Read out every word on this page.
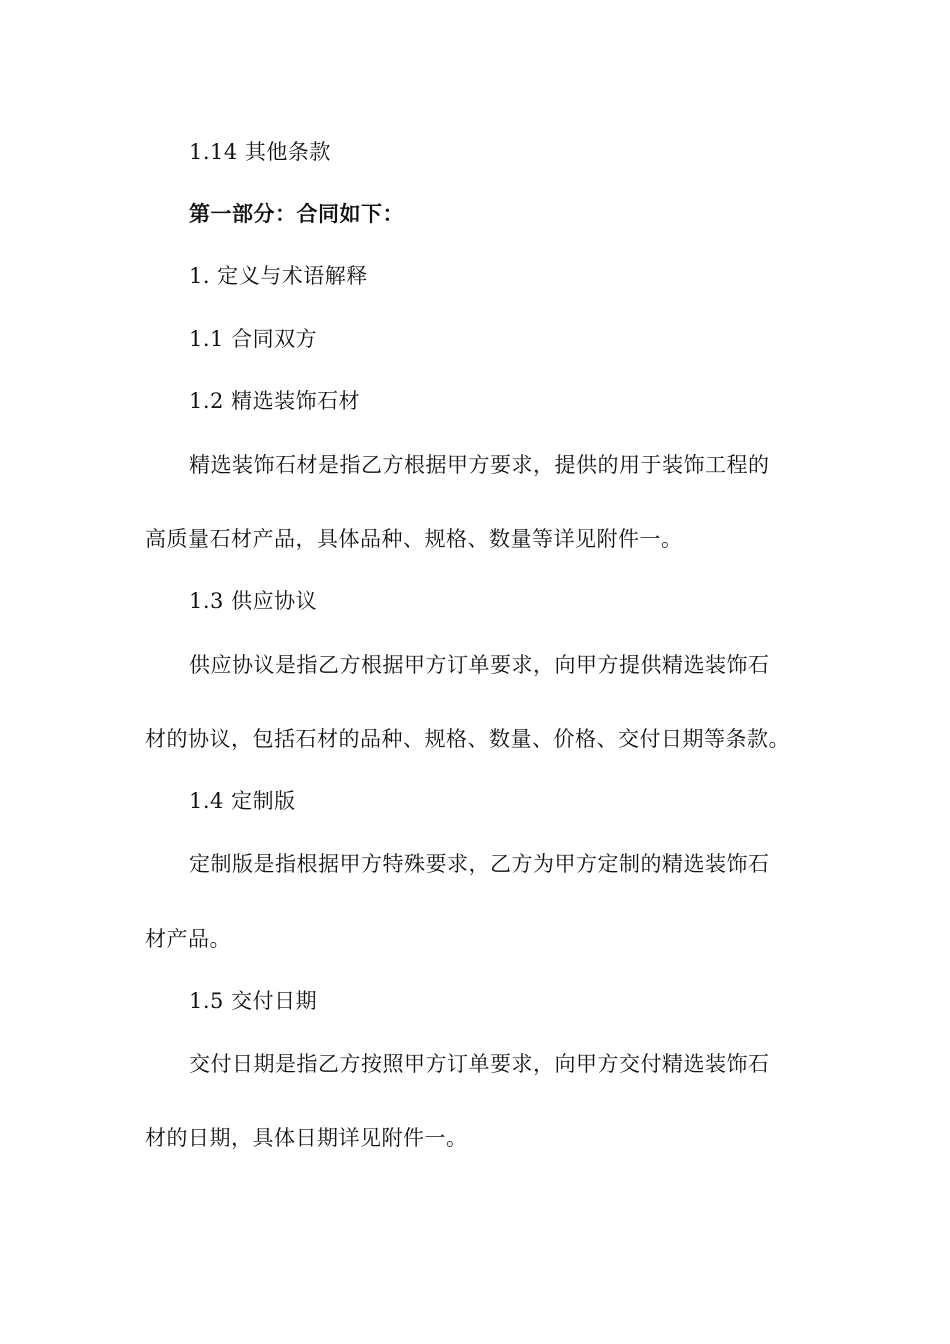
1.14 其他条款
第一部分：合同如下：
1. 定义与术语解释
1.1 合同双方
1.2 精选装饰石材
精选装饰石材是指乙方根据甲方要求，提供的用于装饰工程的
高质量石材产品，具体品种、规格、数量等详见附件一。
1.3 供应协议
供应协议是指乙方根据甲方订单要求，向甲方提供精选装饰石
材的协议，包括石材的品种、规格、数量、价格、交付日期等条款。
1.4 定制版
定制版是指根据甲方特殊要求，乙方为甲方定制的精选装饰石
材产品。
1.5 交付日期
交付日期是指乙方按照甲方订单要求，向甲方交付精选装饰石
材的日期，具体日期详见附件一。
